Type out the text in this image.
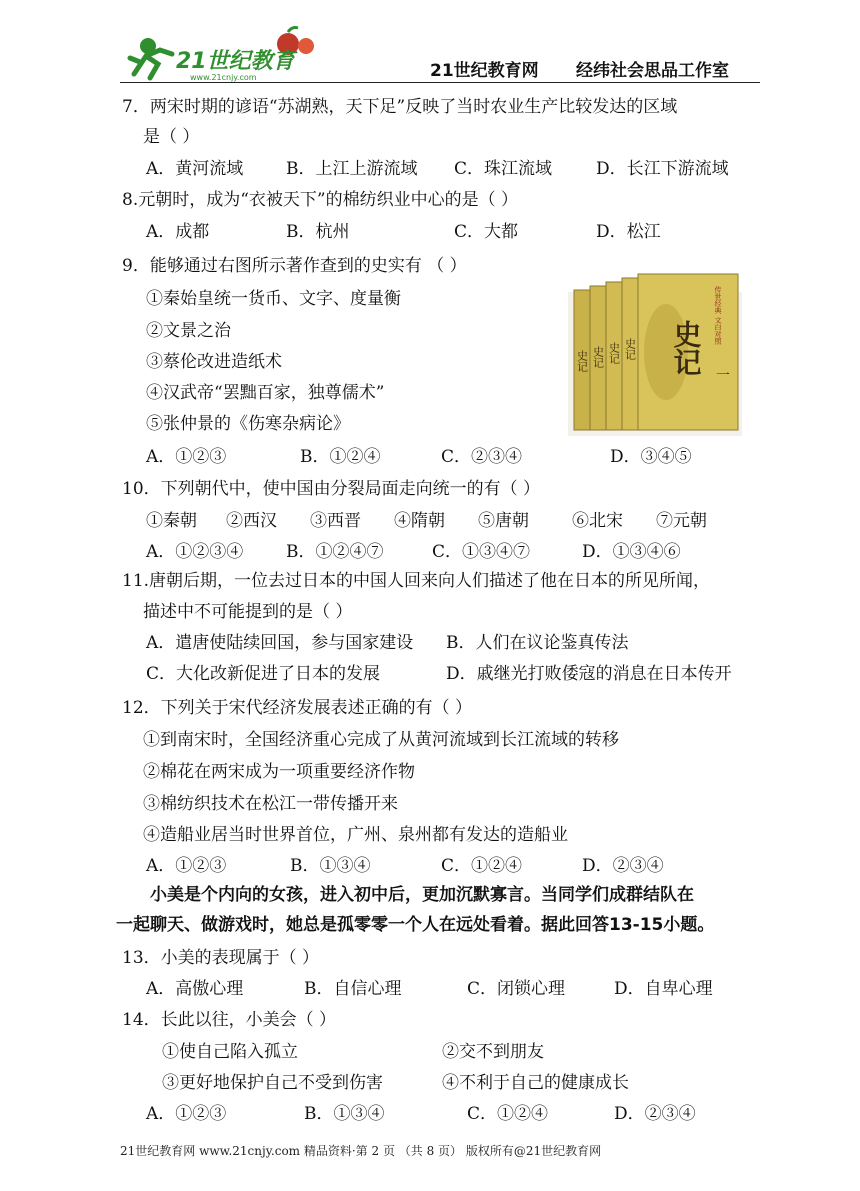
21世纪教育
www.21cnjy.com	21世纪教育网 经纬社会思品工作室
7．两宋时期的谚语“苏湖熟，天下足”反映了当时农业生产比较发达的区域
是（ ）
A．黄河流域	B．上江上游流域 C．珠江流域	D．长江下游流域
8.元朝时，成为“衣被天下”的棉纺织业中心的是（ ）
A．成都	B．杭州	C．大都	D．松江
9．能够通过右图所示著作查到的史实有 （ ）
①秦始皇统一货币、文字、度量衡
②文景之治
③蔡伦改进造纸术
④汉武帝“罢黜百家，独尊儒术”
⑤张仲景的《伤寒杂病论》
A．①②③	B．①②④	C．②③④	D．③④⑤
史记 史记 史记 史记
传世经典 文白对照
史记 一
10．下列朝代中，使中国由分裂局面走向统一的有（ ）
①秦朝 ②西汉 ③西晋 ④隋朝 ⑤唐朝	⑥北宋 ⑦元朝
A．①②③④	B．①②④⑦	C．①③④⑦	D．①③④⑥
11.唐朝后期，一位去过日本的中国人回来向人们描述了他在日本的所见所闻，
描述中不可能提到的是（ ）
A．遣唐使陆续回国，参与国家建设 B．人们在议论鉴真传法
C．大化改新促进了日本的发展	D．戚继光打败倭寇的消息在日本传开
12．下列关于宋代经济发展表述正确的有（ ）
①到南宋时，全国经济重心完成了从黄河流域到长江流域的转移
②棉花在两宋成为一项重要经济作物
③棉纺织技术在松江一带传播开来
④造船业居当时世界首位，广州、泉州都有发达的造船业
A．①②③	B．①③④	C．①②④	D．②③④
小美是个内向的女孩，进入初中后，更加沉默寡言。当同学们成群结队在
一起聊天、做游戏时，她总是孤零零一个人在远处看着。据此回答13-15小题。
13．小美的表现属于（ ）
A．高傲心理	B．自信心理	C．闭锁心理	D．自卑心理
14．长此以往，小美会（ ）
①使自己陷入孤立	②交不到朋友
③更好地保护自己不受到伤害	④不利于自己的健康成长
A．①②③	B．①③④	C．①②④	D．②③④
21世纪教育网 www.21cnjy.com 精品资料·第 2 页 （共 8 页） 版权所有@21世纪教育网
